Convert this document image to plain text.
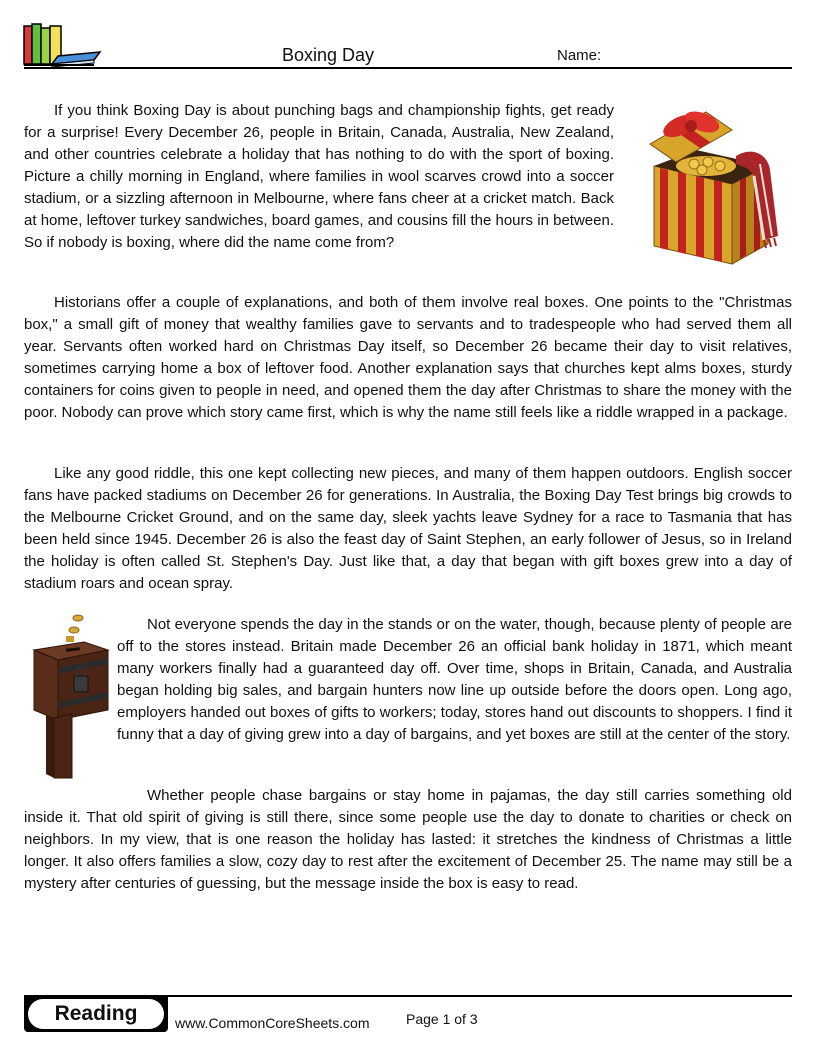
Boxing Day	Name:

If you think Boxing Day is about punching bags and championship fights, get ready for a surprise! Every December 26, people in Britain, Canada, Australia, New Zealand, and other countries celebrate a holiday that has nothing to do with the sport of boxing. Picture a chilly morning in England, where families in wool scarves crowd into a soccer stadium, or a sizzling afternoon in Melbourne, where fans cheer at a cricket match. Back at home, leftover turkey sandwiches, board games, and cousins fill the hours in between. So if nobody is boxing, where did the name come from?

Historians offer a couple of explanations, and both of them involve real boxes. One points to the "Christmas box," a small gift of money that wealthy families gave to servants and to tradespeople who had served them all year. Servants often worked hard on Christmas Day itself, so December 26 became their day to visit relatives, sometimes carrying home a box of leftover food. Another explanation says that churches kept alms boxes, sturdy containers for coins given to people in need, and opened them the day after Christmas to share the money with the poor. Nobody can prove which story came first, which is why the name still feels like a riddle wrapped in a package.

Like any good riddle, this one kept collecting new pieces, and many of them happen outdoors. English soccer fans have packed stadiums on December 26 for generations. In Australia, the Boxing Day Test brings big crowds to the Melbourne Cricket Ground, and on the same day, sleek yachts leave Sydney for a race to Tasmania that has been held since 1945. December 26 is also the feast day of Saint Stephen, an early follower of Jesus, so in Ireland the holiday is often called St. Stephen's Day. Just like that, a day that began with gift boxes grew into a day of stadium roars and ocean spray.

Not everyone spends the day in the stands or on the water, though, because plenty of people are off to the stores instead. Britain made December 26 an official bank holiday in 1871, which meant many workers finally had a guaranteed day off. Over time, shops in Britain, Canada, and Australia began holding big sales, and bargain hunters now line up outside before the doors open. Long ago, employers handed out boxes of gifts to workers; today, stores hand out discounts to shoppers. I find it funny that a day of giving grew into a day of bargains, and yet boxes are still at the center of the story.

Whether people chase bargains or stay home in pajamas, the day still carries something old inside it. That old spirit of giving is still there, since some people use the day to donate to charities or check on neighbors. In my view, that is one reason the holiday has lasted: it stretches the kindness of Christmas a little longer. It also offers families a slow, cozy day to rest after the excitement of December 25. The name may still be a mystery after centuries of guessing, but the message inside the box is easy to read.

Reading	www.CommonCoreSheets.com	Page 1 of 3
